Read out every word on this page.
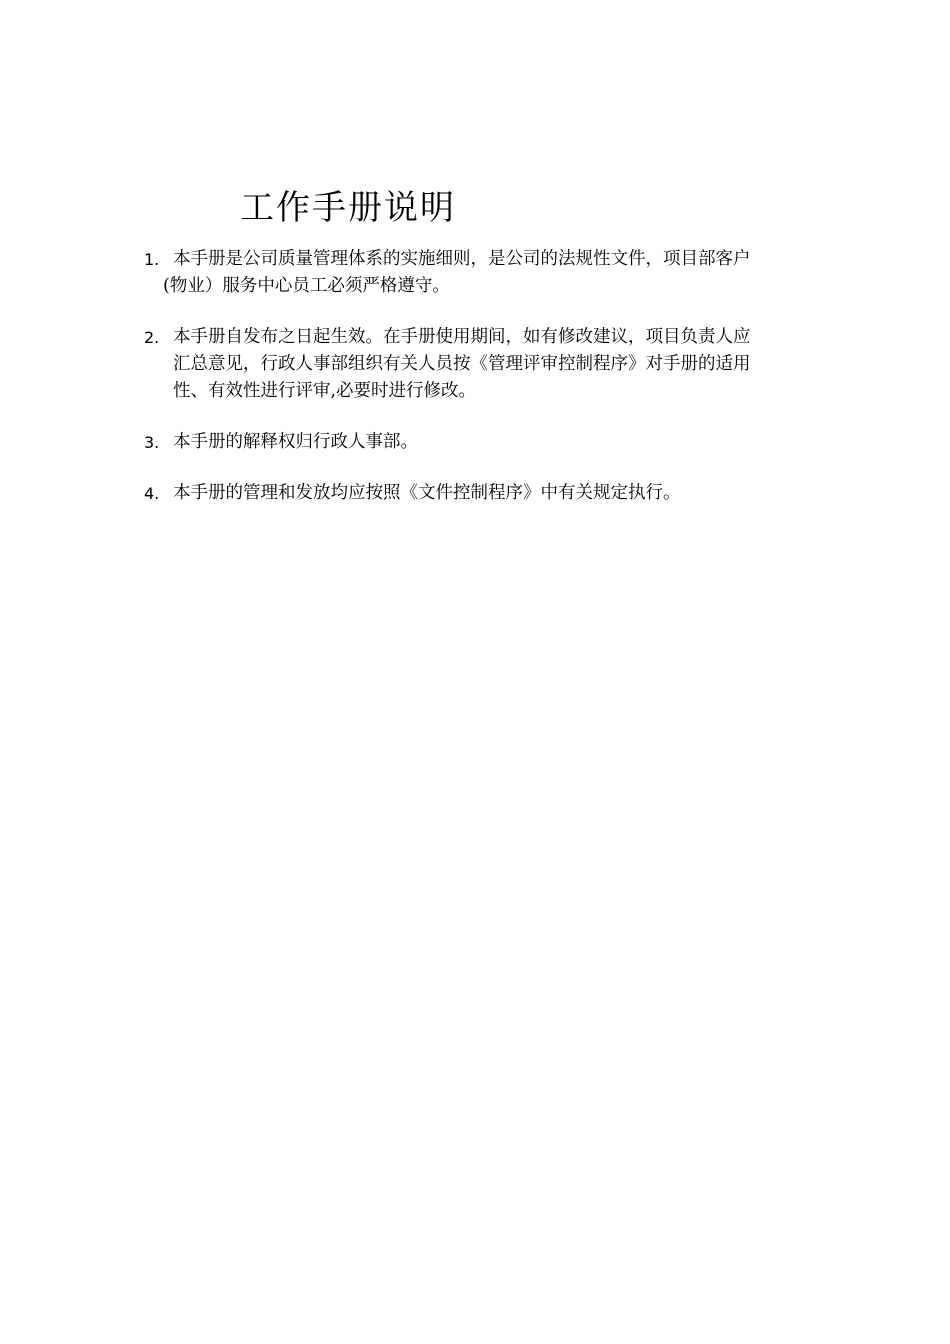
工作手册说明
1. 本手册是公司质量管理体系的实施细则，是公司的法规性文件，项目部客户
(物业）服务中心员工必须严格遵守。
2. 本手册自发布之日起生效。在手册使用期间，如有修改建议，项目负责人应
汇总意见，行政人事部组织有关人员按《管理评审控制程序》对手册的适用
性、有效性进行评审,必要时进行修改。
3. 本手册的解释权归行政人事部。
4. 本手册的管理和发放均应按照《文件控制程序》中有关规定执行。
